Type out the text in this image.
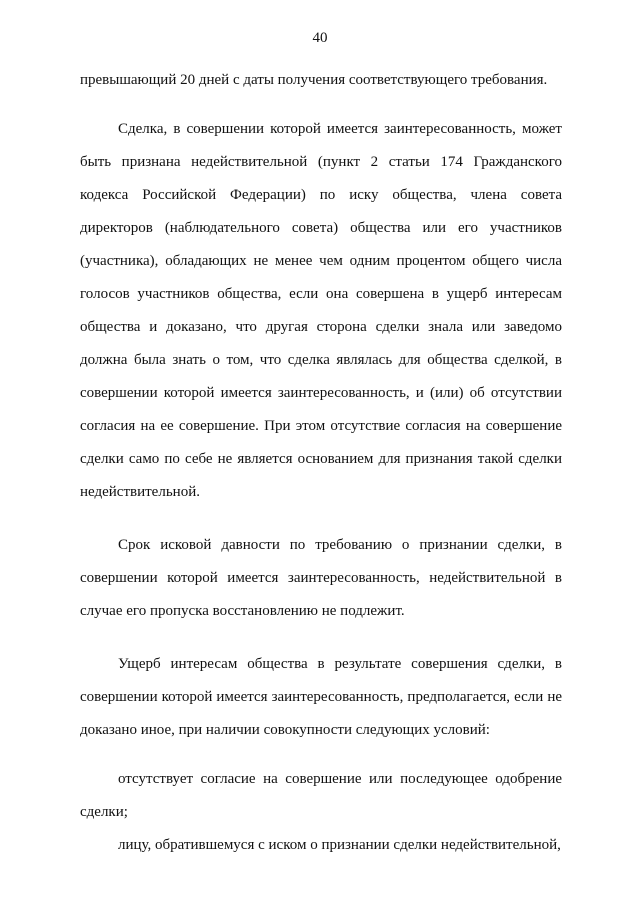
40

превышающий 20 дней с даты получения соответствующего требования.

Сделка, в совершении которой имеется заинтересованность, может быть признана недействительной (пункт 2 статьи 174 Гражданского кодекса Российской Федерации) по иску общества, члена совета директоров (наблюдательного совета) общества или его участников (участника), обладающих не менее чем одним процентом общего числа голосов участников общества, если она совершена в ущерб интересам общества и доказано, что другая сторона сделки знала или заведомо должна была знать о том, что сделка являлась для общества сделкой, в совершении которой имеется заинтересованность, и (или) об отсутствии согласия на ее совершение. При этом отсутствие согласия на совершение сделки само по себе не является основанием для признания такой сделки недействительной.

Срок исковой давности по требованию о признании сделки, в совершении которой имеется заинтересованность, недействительной в случае его пропуска восстановлению не подлежит.

Ущерб интересам общества в результате совершения сделки, в совершении которой имеется заинтересованность, предполагается, если не доказано иное, при наличии совокупности следующих условий:

отсутствует согласие на совершение или последующее одобрение сделки;

лицу, обратившемуся с иском о признании сделки недействительной,
